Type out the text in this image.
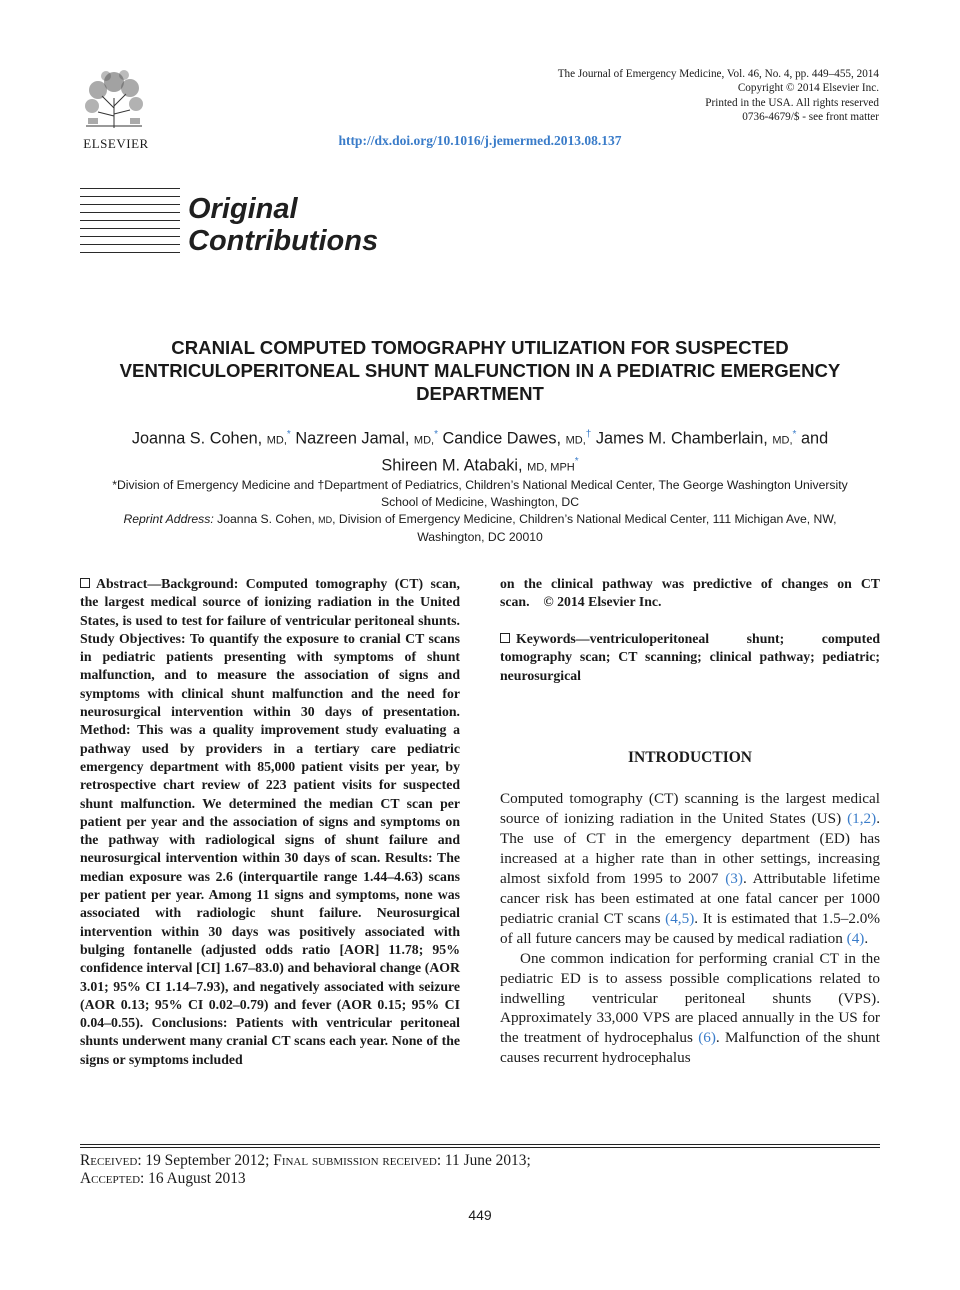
ELSEVIER
The Journal of Emergency Medicine, Vol. 46, No. 4, pp. 449–455, 2014
Copyright © 2014 Elsevier Inc.
Printed in the USA. All rights reserved
0736-4679/$ - see front matter
http://dx.doi.org/10.1016/j.jemermed.2013.08.137
Original
Contributions
CRANIAL COMPUTED TOMOGRAPHY UTILIZATION FOR SUSPECTED
VENTRICULOPERITONEAL SHUNT MALFUNCTION IN A PEDIATRIC EMERGENCY
DEPARTMENT
Joanna S. Cohen, MD,* Nazreen Jamal, MD,* Candice Dawes, MD,† James M. Chamberlain, MD,* and
Shireen M. Atabaki, MD, MPH*
*Division of Emergency Medicine and †Department of Pediatrics, Children’s National Medical Center, The George Washington University
School of Medicine, Washington, DC
Reprint Address: Joanna S. Cohen, MD, Division of Emergency Medicine, Children’s National Medical Center, 111 Michigan Ave, NW,
Washington, DC 20010
Abstract—Background: Computed tomography (CT) scan, the largest medical source of ionizing radiation in the United States, is used to test for failure of ventricular peritoneal shunts. Study Objectives: To quantify the exposure to cranial CT scans in pediatric patients presenting with symptoms of shunt malfunction, and to measure the association of signs and symptoms with clinical shunt malfunction and the need for neurosurgical intervention within 30 days of presentation. Method: This was a quality improvement study evaluating a pathway used by providers in a tertiary care pediatric emergency department with 85,000 patient visits per year, by retrospective chart review of 223 patient visits for suspected shunt malfunction. We determined the median CT scan per patient per year and the association of signs and symptoms on the pathway with radiological signs of shunt failure and neurosurgical intervention within 30 days of scan. Results: The median exposure was 2.6 (interquartile range 1.44–4.63) scans per patient per year. Among 11 signs and symptoms, none was associated with radiologic shunt failure. Neurosurgical intervention within 30 days was positively associated with bulging fontanelle (adjusted odds ratio [AOR] 11.78; 95% confidence interval [CI] 1.67–83.0) and behavioral change (AOR 3.01; 95% CI 1.14–7.93), and negatively associated with seizure (AOR 0.13; 95% CI 0.02–0.79) and fever (AOR 0.15; 95% CI 0.04–0.55). Conclusions: Patients with ventricular peritoneal shunts underwent many cranial CT scans each year. None of the signs or symptoms included
on the clinical pathway was predictive of changes on CT scan. © 2014 Elsevier Inc.
Keywords—ventriculoperitoneal shunt; computed tomography scan; CT scanning; clinical pathway; pediatric; neurosurgical
INTRODUCTION

Computed tomography (CT) scanning is the largest medical source of ionizing radiation in the United States (US) (1,2). The use of CT in the emergency department (ED) has increased at a higher rate than in other settings, increasing almost sixfold from 1995 to 2007 (3). Attributable lifetime cancer risk has been estimated at one fatal cancer per 1000 pediatric cranial CT scans (4,5). It is estimated that 1.5–2.0% of all future cancers may be caused by medical radiation (4).

One common indication for performing cranial CT in the pediatric ED is to assess possible complications related to indwelling ventricular peritoneal shunts (VPS). Approximately 33,000 VPS are placed annually in the US for the treatment of hydrocephalus (6). Malfunction of the shunt causes recurrent hydrocephalus

Received: 19 September 2012; Final submission received: 11 June 2013;
Accepted: 16 August 2013
449
